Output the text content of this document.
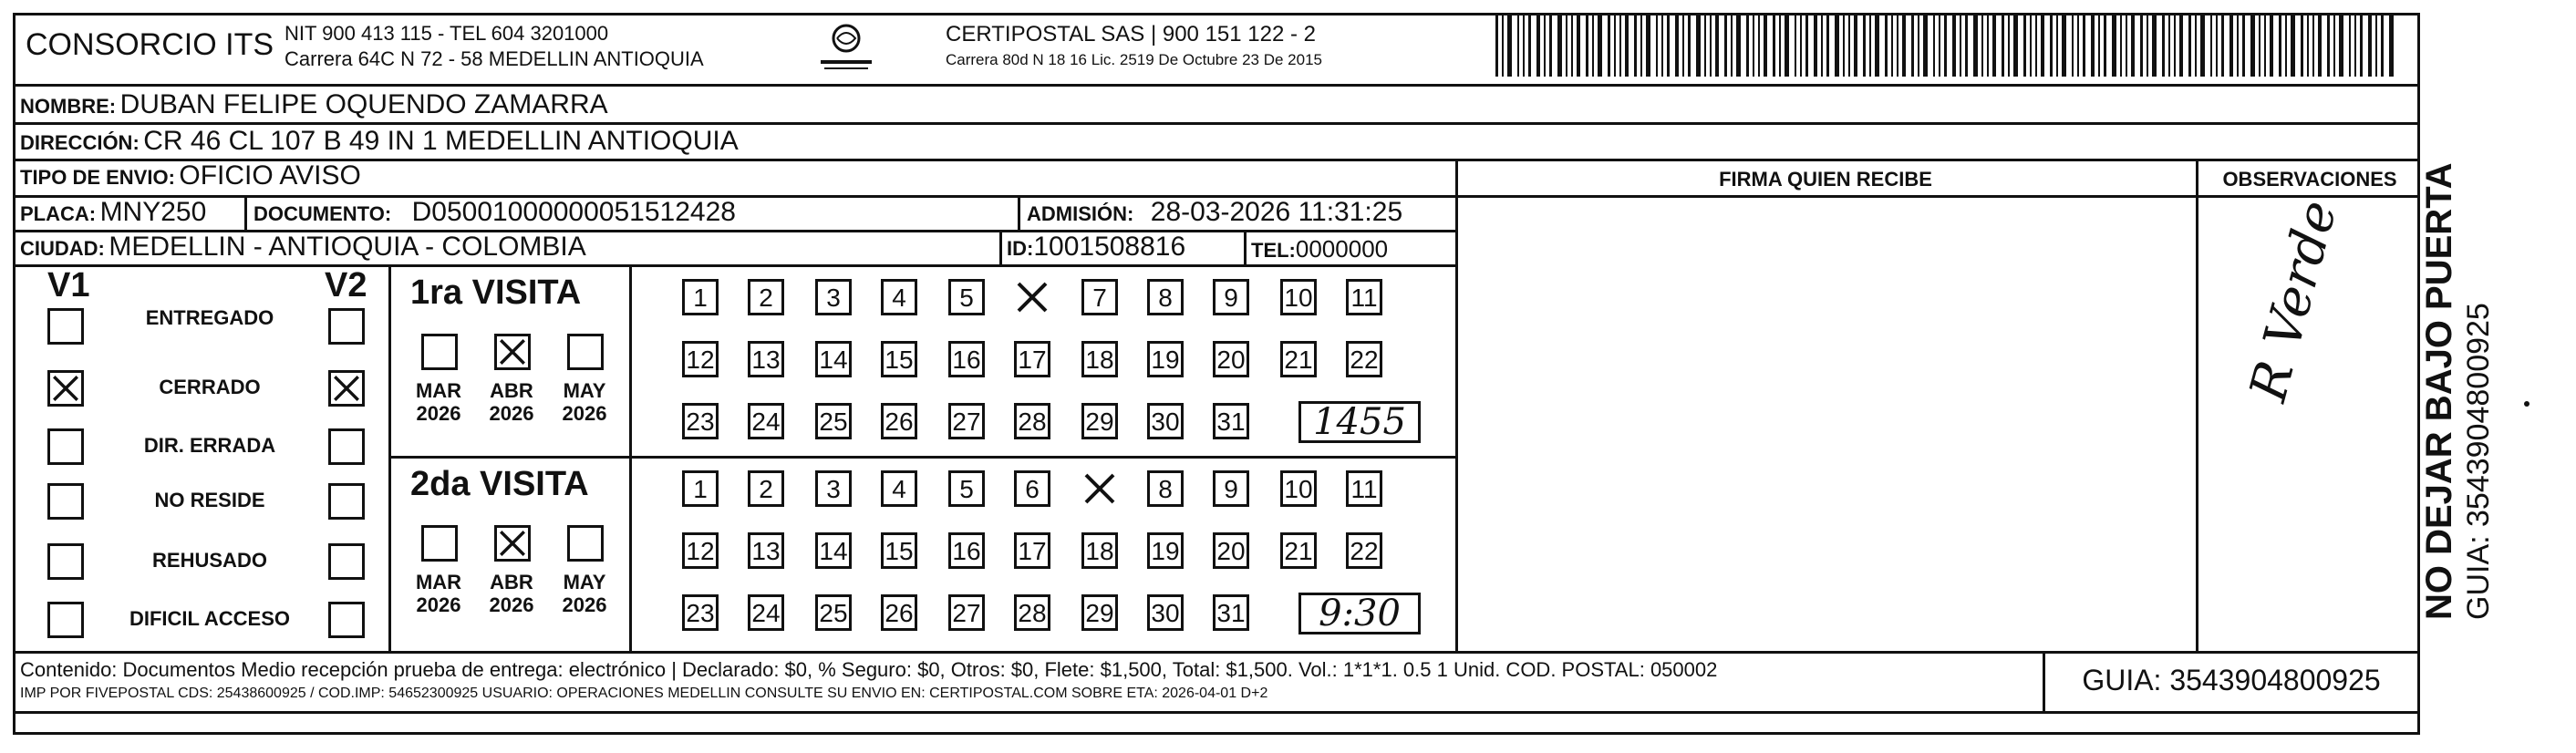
CONSORCIO ITS NIT 900 413 115 - TEL 604 3201000
Carrera 64C N 72 - 58 MEDELLIN ANTIOQUIA
CERTIPOSTAL SAS | 900 151 122 - 2
Carrera 80d N 18 16 Lic. 2519 De Octubre 23 De 2015
NOMBRE: DUBAN FELIPE OQUENDO ZAMARRA
DIRECCIÓN: CR 46 CL 107 B 49 IN 1 MEDELLIN ANTIOQUIA
TIPO DE ENVIO: OFICIO AVISO
PLACA: MNY250 DOCUMENTO: D05001000000051512428	ADMISIÓN: 28-03-2026 11:31:25
CIUDAD: MEDELLIN - ANTIOQUIA - COLOMBIA	ID:1001508816	TEL:0000000
FIRMA QUIEN RECIBE	OBSERVACIONES
R Verde
V1	V2
ENTREGADO
CERRADO
DIR. ERRADA
NO RESIDE
REHUSADO
DIFICIL ACCESO
1ra VISITA
2da VISITA
MAR
2026
ABR
2026
MAY
2026
1	2	3	4	5	7	8	9	10 11
12 13 14 15 16 17 18 19 20 21 22
23 24 25 26 27 28 29 30 31
MAR
2026
ABR
2026
MAY
2026
1	2	3	4	5	6	8	9	10 11
12 13 14 15 16 17 18 19 20 21 22
23 24 25 26 27 28 29 30 31
1455
9:30
Contenido: Documentos Medio recepción prueba de entrega: electrónico | Declarado: $0, % Seguro: $0, Otros: $0, Flete: $1,500, Total: $1,500. Vol.: 1*1*1. 0.5 1 Unid. COD. POSTAL: 050002
IMP POR FIVEPOSTAL CDS: 25438600925 / COD.IMP: 54652300925 USUARIO: OPERACIONES MEDELLIN CONSULTE SU ENVIO EN: CERTIPOSTAL.COM SOBRE ETA: 2026-04-01 D+2	GUIA: 3543904800925
NO DEJAR BAJO PUERTA GUIA: 3543904800925
